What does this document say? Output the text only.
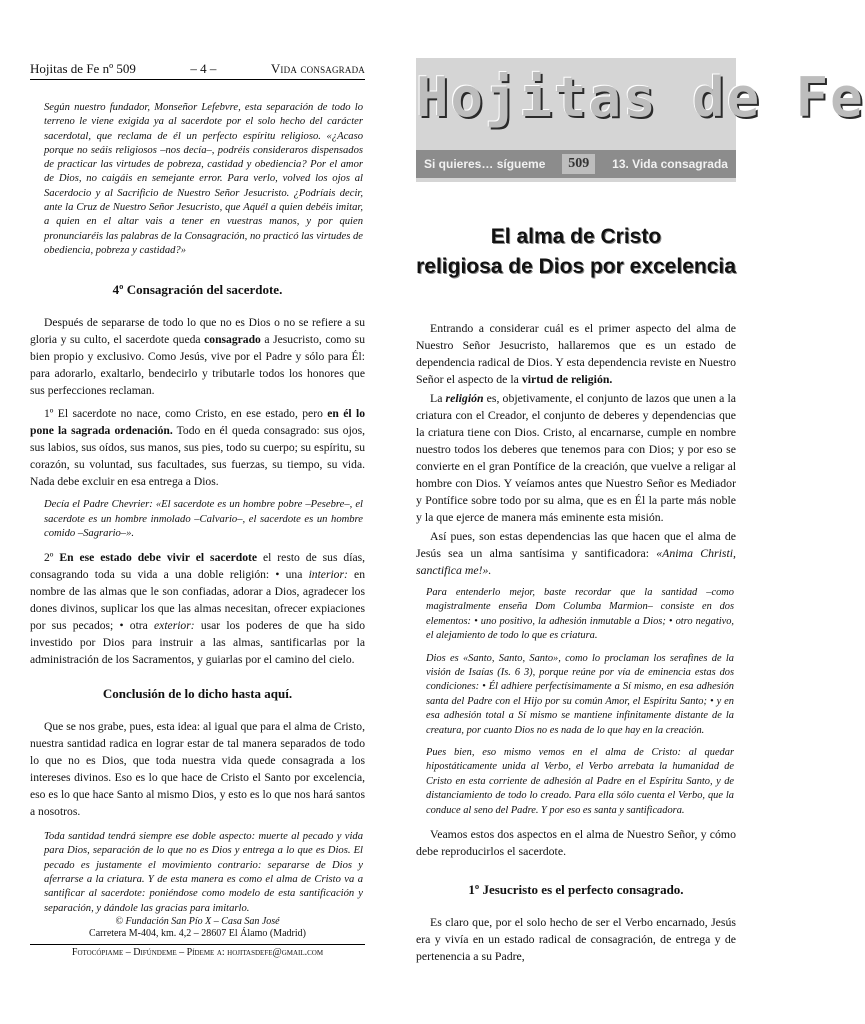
Hojitas de Fe nº 509	– 4 –	Vida consagrada

Según nuestro fundador, Monseñor Lefebvre, esta separación de todo lo terreno le viene exigida ya al sacerdote por el solo hecho del carácter sacerdotal, que reclama de él un perfecto espíritu religioso. «¿Acaso porque no seáis religiosos –nos decía–, podréis consideraros dispensados de practicar las virtudes de pobreza, castidad y obediencia? Por el amor de Dios, no caigáis en semejante error. Para verlo, volved los ojos al Sacerdocio y al Sacrificio de Nuestro Señor Jesucristo. ¿Podríais decir, ante la Cruz de Nuestro Señor Jesucristo, que Aquél a quien debéis imitar, a quien en el altar vais a tener en vuestras manos, y por quien pronunciaréis las palabras de la Consagración, no practicó las virtudes de obediencia, pobreza y castidad?»

4º Consagración del sacerdote.

Después de separarse de todo lo que no es Dios o no se refiere a su gloria y su culto, el sacerdote queda consagrado a Jesucristo, como su bien propio y exclusivo. Como Jesús, vive por el Padre y sólo para Él: para adorarlo, exaltarlo, bendecirlo y tributarle todos los honores que sus perfecciones reclaman.

1º El sacerdote no nace, como Cristo, en ese estado, pero en él lo pone la sagrada ordenación. Todo en él queda consagrado: sus ojos, sus labios, sus oídos, sus manos, sus pies, todo su cuerpo; su espíritu, su corazón, su voluntad, sus facultades, sus fuerzas, su tiempo, su vida. Nada debe excluir en esa entrega a Dios.

Decía el Padre Chevrier: «El sacerdote es un hombre pobre –Pesebre–, el sacerdote es un hombre inmolado –Calvario–, el sacerdote es un hombre comido –Sagrario–».

2º En ese estado debe vivir el sacerdote el resto de sus días, consagrando toda su vida a una doble religión: • una interior: en nombre de las almas que le son confiadas, adorar a Dios, agradecer los dones divinos, suplicar los que las almas necesitan, ofrecer expiaciones por sus pecados; • otra exterior: usar los poderes de que ha sido investido por Dios para instruir a las almas, santificarlas por la administración de los Sacramentos, y guiarlas por el camino del cielo.

Conclusión de lo dicho hasta aquí.

Que se nos grabe, pues, esta idea: al igual que para el alma de Cristo, nuestra santidad radica en lograr estar de tal manera separados de todo lo que no es Dios, que toda nuestra vida quede consagrada a los intereses divinos. Eso es lo que hace de Cristo el Santo por excelencia, eso es lo que hace Santo al mismo Dios, y esto es lo que nos hará santos a nosotros.

Toda santidad tendrá siempre ese doble aspecto: muerte al pecado y vida para Dios, separación de lo que no es Dios y entrega a lo que es Dios. El pecado es justamente el movimiento contrario: separarse de Dios y aferrarse a la criatura. Y de esta manera es como el alma de Cristo va a santificar al sacerdote: poniéndose como modelo de esta santificación y separación, y dándole las gracias para imitarlo.

© Fundación San Pío X – Casa San José
Carretera M-404, km. 4,2 – 28607 El Álamo (Madrid)
Fotocópiame – Difúndeme – Pídeme a: hojitasdefe@gmail.com
Hojitas de Fe
Si quieres… sígueme	509	13. Vida consagrada
El alma de Cristo
religiosa de Dios por excelencia

Entrando a considerar cuál es el primer aspecto del alma de Nuestro Señor Jesucristo, hallaremos que es un estado de dependencia radical de Dios. Y esta dependencia reviste en Nuestro Señor el aspecto de la virtud de religión.

La religión es, objetivamente, el conjunto de lazos que unen a la criatura con el Creador, el conjunto de deberes y dependencias que la criatura tiene con Dios. Cristo, al encarnarse, cumple en nombre nuestro todos los deberes que tenemos para con Dios; y por eso se convierte en el gran Pontífice de la creación, que vuelve a religar al hombre con Dios. Y veíamos antes que Nuestro Señor es Mediador y Pontífice sobre todo por su alma, que es en Él la parte más noble y la que ejerce de manera más eminente esta misión.

Así pues, son estas dependencias las que hacen que el alma de Jesús sea un alma santísima y santificadora: «Anima Christi, sanctifica me!».

Para entenderlo mejor, baste recordar que la santidad –como magistralmente enseña Dom Columba Marmion– consiste en dos elementos: • uno positivo, la adhesión inmutable a Dios; • otro negativo, el alejamiento de todo lo que es criatura.

Dios es «Santo, Santo, Santo», como lo proclaman los serafines de la visión de Isaías (Is. 6 3), porque reúne por vía de eminencia estas dos condiciones: • Él adhiere perfectísimamente a Sí mismo, en esa adhesión santa del Padre con el Hijo por su común Amor, el Espíritu Santo; • y en esa adhesión total a Sí mismo se mantiene infinitamente distante de la creatura, por cuanto Dios no es nada de lo que hay en la creación.

Pues bien, eso mismo vemos en el alma de Cristo: al quedar hipostáticamente unida al Verbo, el Verbo arrebata la humanidad de Cristo en esta corriente de adhesión al Padre en el Espíritu Santo, y de distanciamiento de todo lo creado. Para ella sólo cuenta el Verbo, que la conduce al seno del Padre. Y por eso es santa y santificadora.

Veamos estos dos aspectos en el alma de Nuestro Señor, y cómo debe reproducirlos el sacerdote.

1º Jesucristo es el perfecto consagrado.

Es claro que, por el solo hecho de ser el Verbo encarnado, Jesús era y vivía en un estado radical de consagración, de entrega y de pertenencia a su Padre,
